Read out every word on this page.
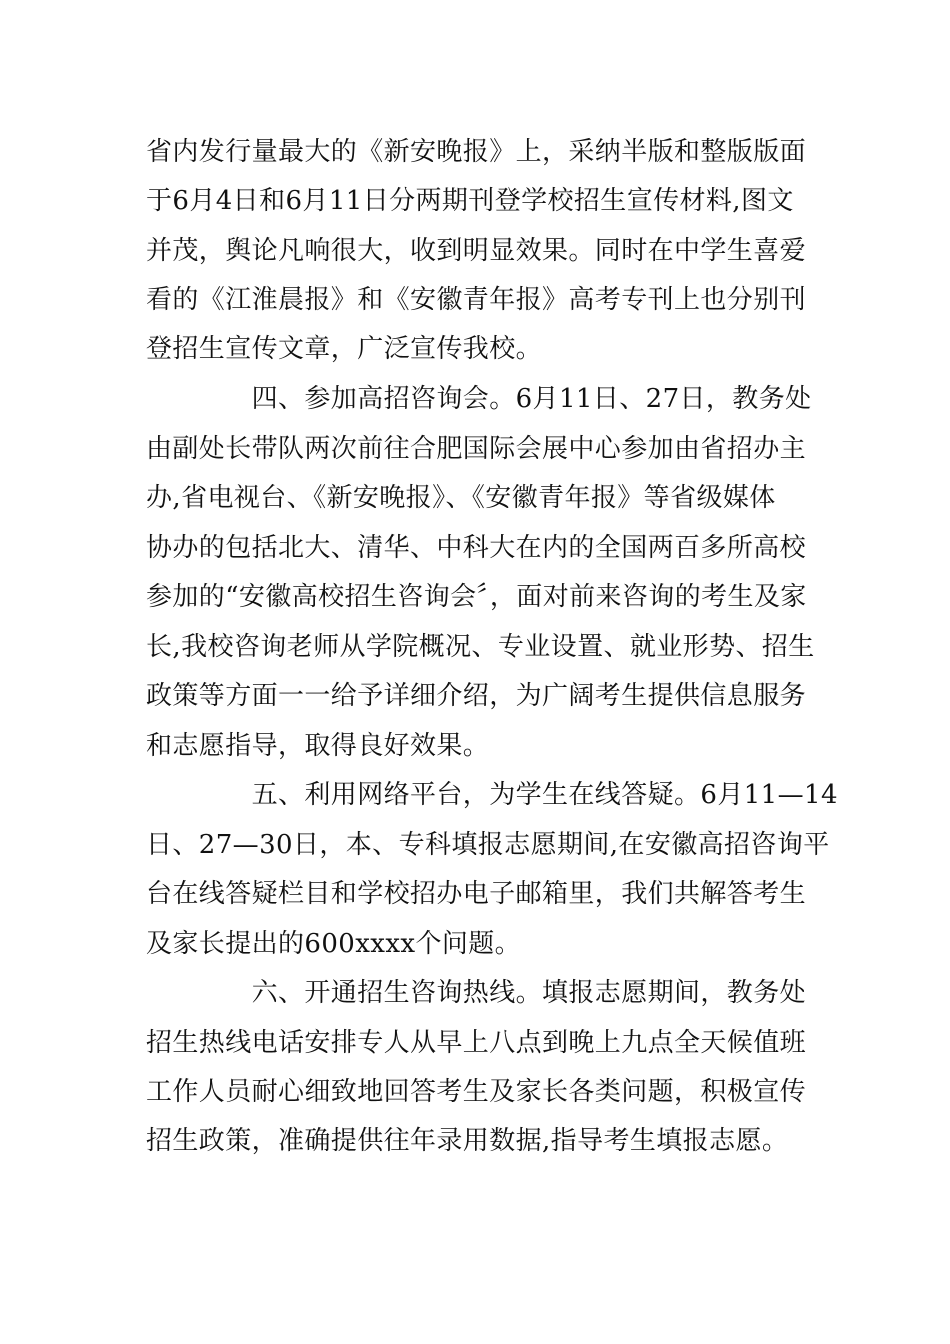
省内发行量最大的《新安晚报》上，采纳半版和整版版面
于6月4日和6月11日分两期刊登学校招生宣传材料,图文
并茂，舆论凡响很大，收到明显效果。同时在中学生喜爱
看的《江淮晨报》和《安徽青年报》高考专刊上也分别刊
登招生宣传文章，广泛宣传我校。
　　　　四、参加高招咨询会。6月11日、27日，教务处
由副处长带队两次前往合肥国际会展中心参加由省招办主
办,省电视台、《新安晚报》、《安徽青年报》等省级媒体
协办的包括北大、清华、中科大在内的全国两百多所高校
参加的“安徽高校招生咨询会〞，面对前来咨询的考生及家
长,我校咨询老师从学院概况、专业设置、就业形势、招生
政策等方面一一给予详细介绍，为广阔考生提供信息服务
和志愿指导，取得良好效果。
　　　　五、利用网络平台，为学生在线答疑。6月11—14
日、27—30日，本、专科填报志愿期间,在安徽高招咨询平
台在线答疑栏目和学校招办电子邮箱里，我们共解答考生
及家长提出的600xxxx个问题。
　　　　六、开通招生咨询热线。填报志愿期间，教务处
招生热线电话安排专人从早上八点到晚上九点全天候值班
工作人员耐心细致地回答考生及家长各类问题，积极宣传
招生政策，准确提供往年录用数据,指导考生填报志愿。
